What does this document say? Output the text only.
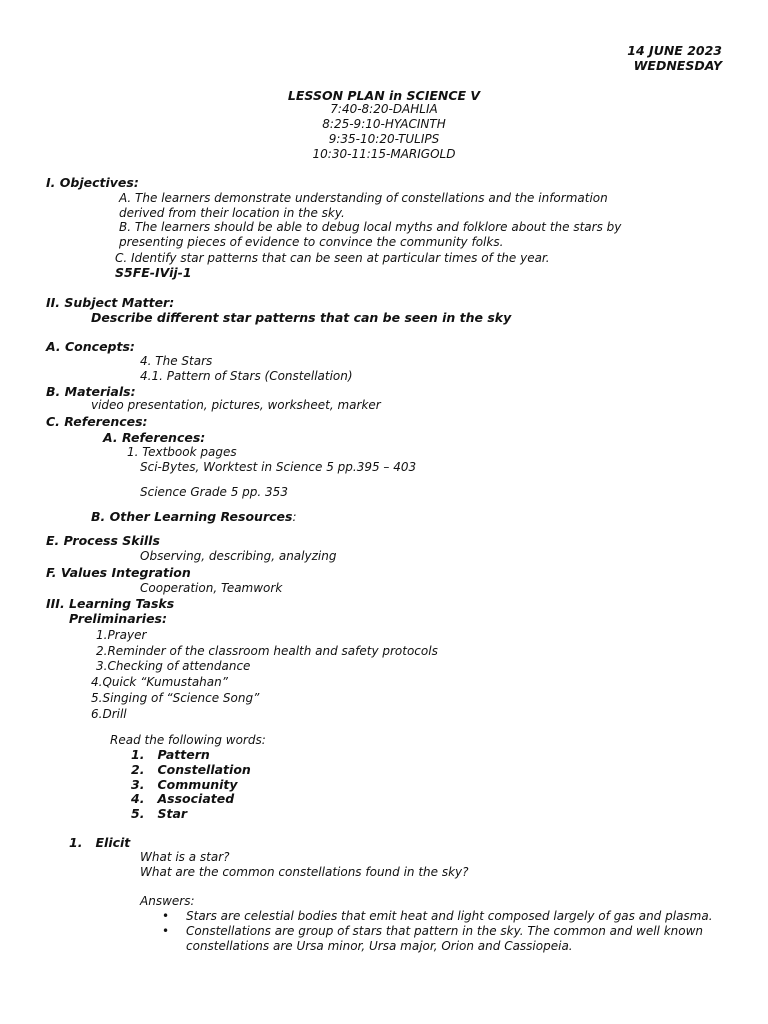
14 JUNE 2023
WEDNESDAY
LESSON PLAN in SCIENCE V
7:40-8:20-DAHLIA
8:25-9:10-HYACINTH
9:35-10:20-TULIPS
10:30-11:15-MARIGOLD
I. Objectives:
A. The learners demonstrate understanding of constellations and the information
derived from their location in the sky.
B. The learners should be able to debug local myths and folklore about the stars by
presenting pieces of evidence to convince the community folks.
C. Identify star patterns that can be seen at particular times of the year.
S5FE-IVij-1
II. Subject Matter:
Describe different star patterns that can be seen in the sky
A. Concepts:
4. The Stars
4.1. Pattern of Stars (Constellation)
B. Materials:
video presentation, pictures, worksheet, marker
C. References:
A. References:
1. Textbook pages
Sci-Bytes, Worktest in Science 5 pp.395 – 403
Science Grade 5 pp. 353
B. Other Learning Resources:
E. Process Skills
Observing, describing, analyzing
F. Values Integration
Cooperation, Teamwork
III. Learning Tasks
Preliminaries:
1.Prayer
2.Reminder of the classroom health and safety protocols
3.Checking of attendance
4.Quick “Kumustahan”
5.Singing of “Science Song”
6.Drill
Read the following words:
1.   Pattern
2.   Constellation
3.   Community
4.   Associated
5.   Star
1.   Elicit
What is a star?
What are the common constellations found in the sky?
Answers:
• Stars are celestial bodies that emit heat and light composed largely of gas and plasma.
• Constellations are group of stars that pattern in the sky. The common and well known
constellations are Ursa minor, Ursa major, Orion and Cassiopeia.
